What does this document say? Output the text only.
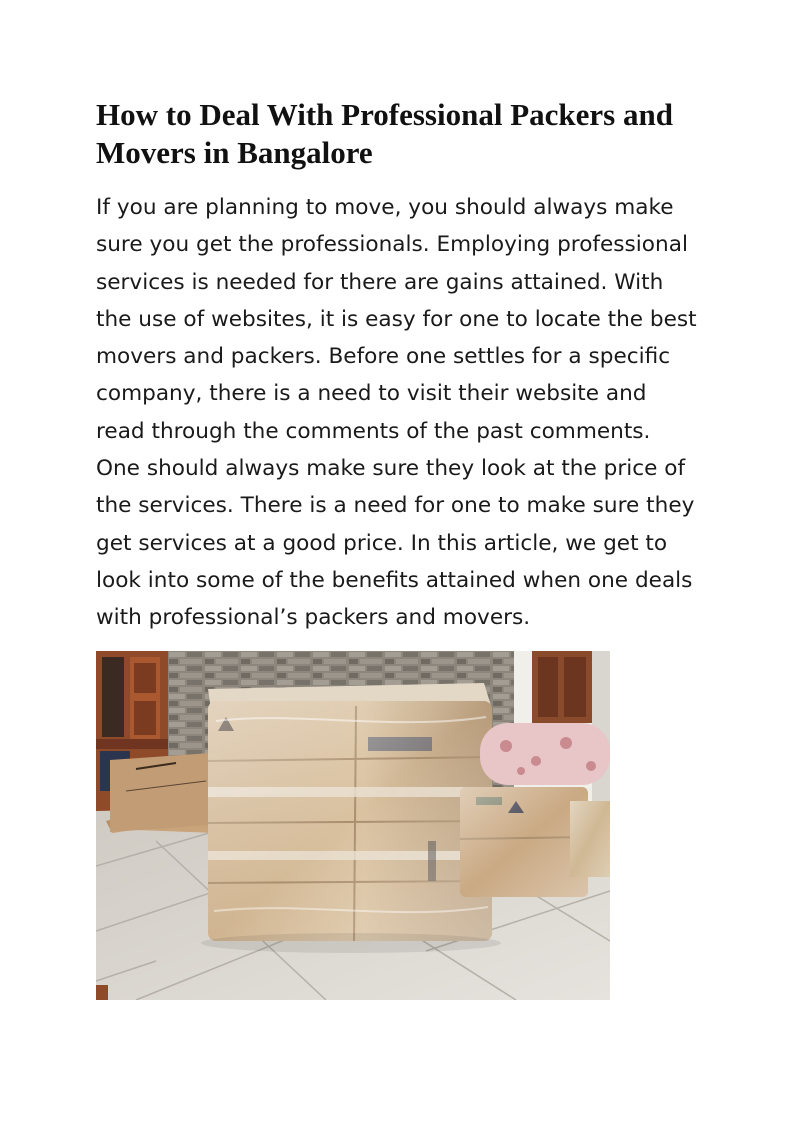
How to Deal With Professional Packers and Movers in Bangalore

If you are planning to move, you should always make sure you get the professionals. Employing professional services is needed for there are gains attained. With the use of websites, it is easy for one to locate the best movers and packers. Before one settles for a specific company, there is a need to visit their website and read through the comments of the past comments. One should always make sure they look at the price of the services. There is a need for one to make sure they get services at a good price. In this article, we get to look into some of the benefits attained when one deals with professional’s packers and movers.
